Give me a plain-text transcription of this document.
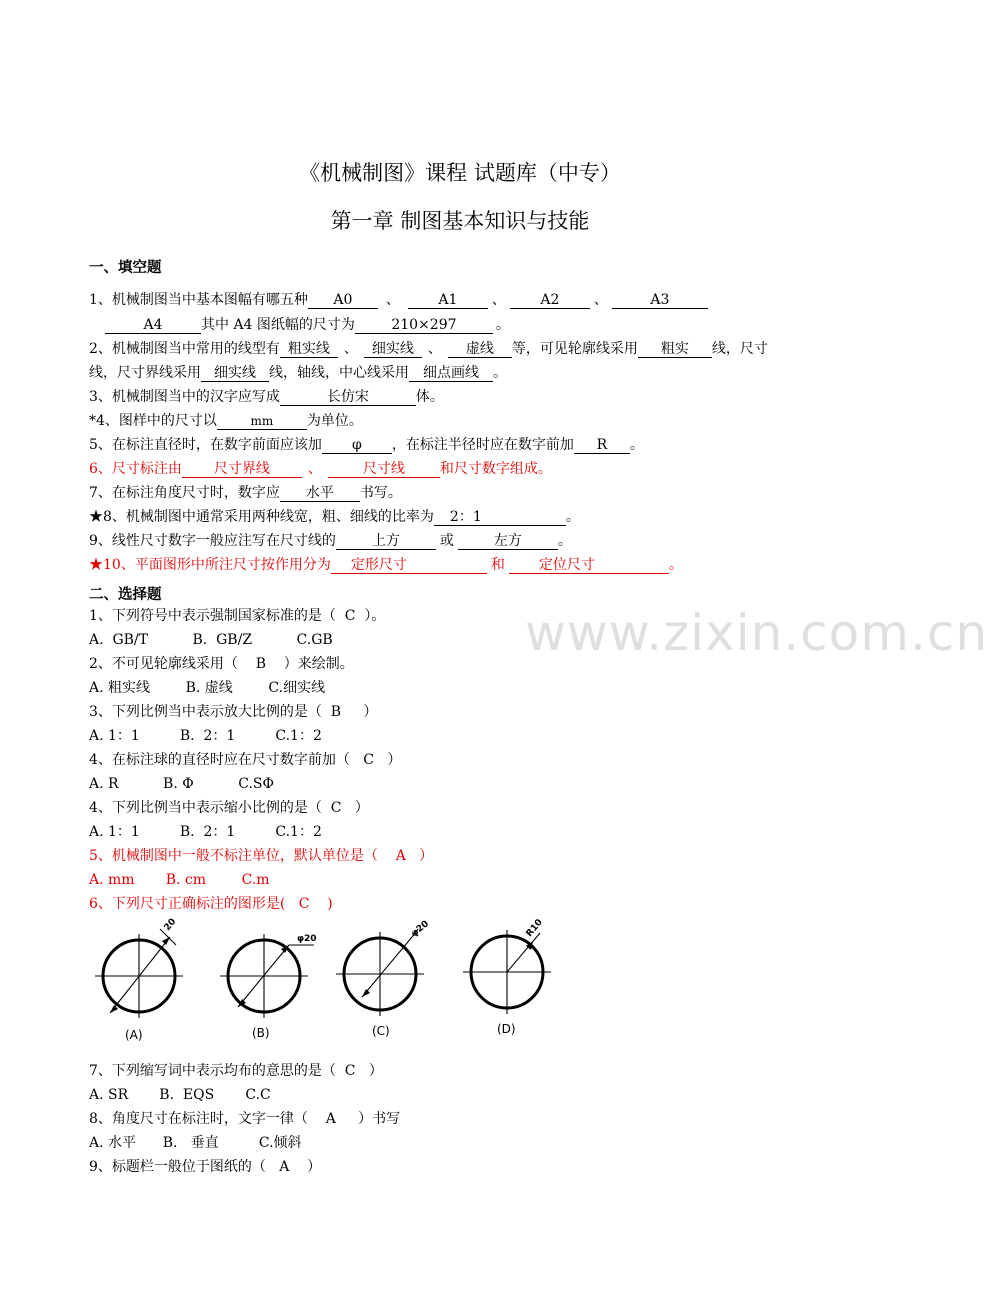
www.zixin.com.cn
《机械制图》课程 试题库（中专）
第一章 制图基本知识与技能
一、填空题
1、机械制图当中基本图幅有哪五种 A0 、	A1 、 A2 、	A3
A4	其中 A4 图纸幅的尺寸为	210×297	。
2、机械制图当中常用的线型有 粗实线 、 细实线 、 虚线 等，可见轮廓线采用 粗实 线，尺寸
线，尺寸界线采用 细实线 线，轴线，中心线采用 细点画线 。
3、机械制图当中的汉字应写成	长仿宋	体。
*4、图样中的尺寸以	mm 为单位。
5、在标注直径时，在数字前面应该加 φ ，在标注半径时应在数字前加 R 。
6、尺寸标注由 尺寸界线	、	尺寸线	和尺寸数字组成。
7、在标注角度尺寸时，数字应 水平 书写。
★8、机械制图中通常采用两种线宽，粗、细线的比率为 2：1	。
9、线性尺寸数字一般应注写在尺寸线的	上方	或	左方	。
★10、平面图形中所注尺寸按作用分为 定形尺寸	和 定位尺寸	。
二、选择题
1、下列符号中表示强制国家标准的是（  C  ）。
A.  GB/T          B.  GB/Z          C.GB
2、不可见轮廓线采用（    B    ）来绘制。
A. 粗实线        B. 虚线        C.细实线
3、下列比例当中表示放大比例的是（  B     ）
A. 1：1         B.  2：1         C.1：2
4、在标注球的直径时应在尺寸数字前加（   C   ）
A. R          B. Φ          C.SΦ
4、下列比例当中表示缩小比例的是（  C   ）
A. 1：1         B.  2：1         C.1：2
5、机械制图中一般不标注单位，默认单位是（    A   ）
A. mm       B. cm        C.m
6、下列尺寸正确标注的图形是(   C    )
20
φ20	φ20	R10
(A)	(B)	(C)	(D)
7、下列缩写词中表示均布的意思的是（  C   ）
A. SR       B.  EQS       C.C
8、角度尺寸在标注时，文字一律（    A     ）书写
A. 水平      B.   垂直         C.倾斜
9、标题栏一般位于图纸的（   A    ）
